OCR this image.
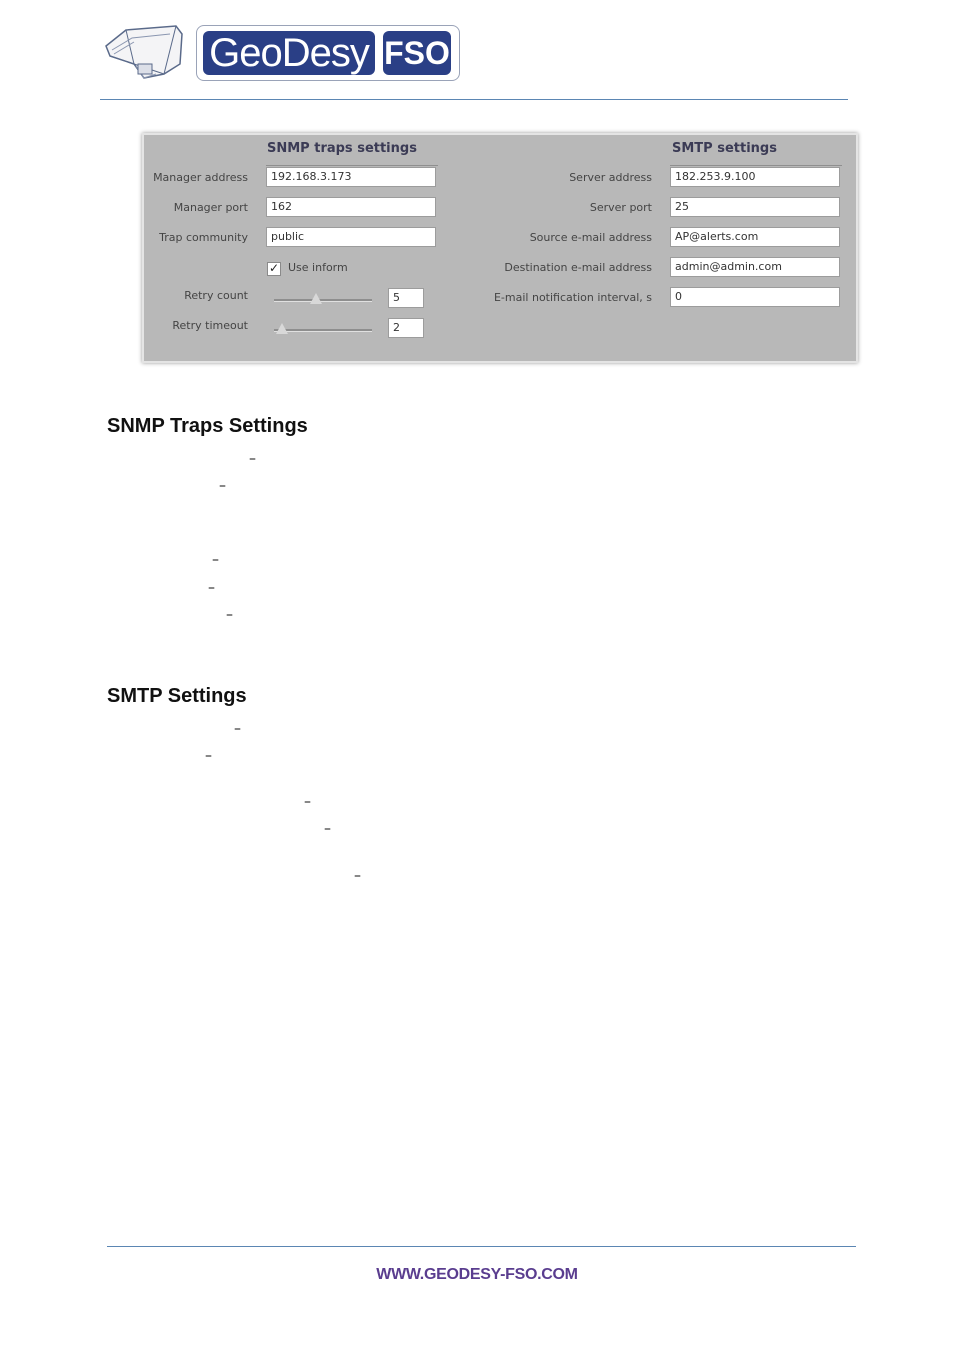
GeoDesy FSO
SNMP traps settings
Manager address	192.168.3.173
Manager port	162
Trap community	public
✓ Use inform
Retry count	5
Retry timeout	2
SMTP settings
Server address	182.253.9.100
Server port	25
Source e-mail address	AP@alerts.com
Destination e-mail address	admin@admin.com
E-mail notification interval, s	0
SNMP Traps Settings
–
–
–
–
–
SMTP Settings
–
–
–
–
–
WWW.GEODESY-FSO.COM
